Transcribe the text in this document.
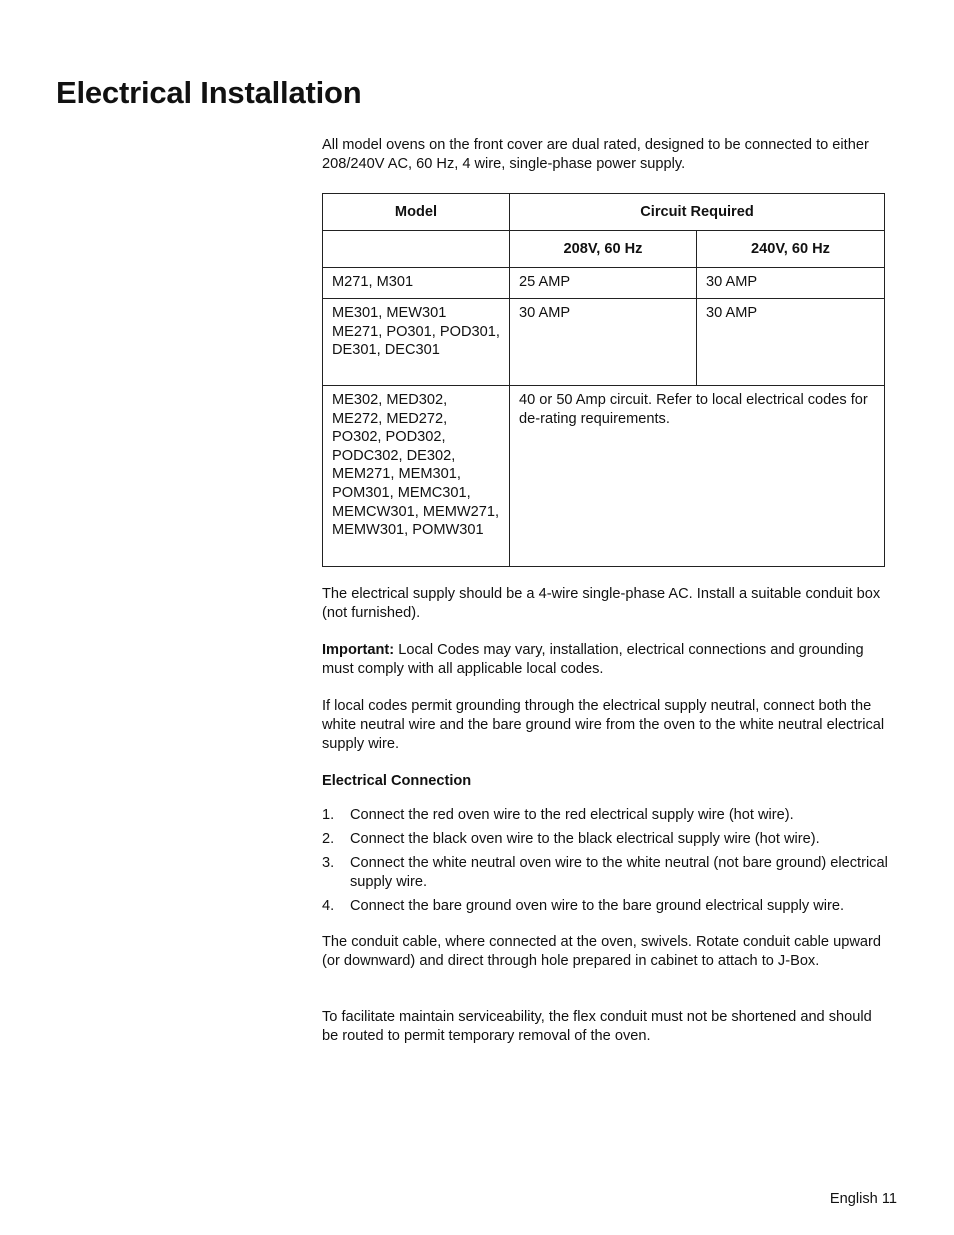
Electrical Installation

All model ovens on the front cover are dual rated, designed to be connected to either 208/240V AC, 60 Hz, 4 wire, single-phase power supply.

Model	Circuit Required	
	208V, 60 Hz	240V, 60 Hz
M271, M301	25 AMP	30 AMP
ME301, MEW301 ME271, PO301, POD301, DE301, DEC301	30 AMP	30 AMP
ME302, MED302, ME272, MED272, PO302, POD302, PODC302, DE302, MEM271, MEM301, POM301, MEMC301, MEMCW301, MEMW271, MEMW301, POMW301	40 or 50 Amp circuit. Refer to local electrical codes for de-rating requirements.	

The electrical supply should be a 4-wire single-phase AC. Install a suitable conduit box (not furnished).

Important: Local Codes may vary, installation, electrical connections and grounding must comply with all applicable local codes.

If local codes permit grounding through the electrical supply neutral, connect both the white neutral wire and the bare ground wire from the oven to the white neutral electrical supply wire.

Electrical Connection

1. Connect the red oven wire to the red electrical supply wire (hot wire).
2. Connect the black oven wire to the black electrical supply wire (hot wire).
3. Connect the white neutral oven wire to the white neutral (not bare ground) electrical supply wire.
4. Connect the bare ground oven wire to the bare ground electrical supply wire.

The conduit cable, where connected at the oven, swivels. Rotate conduit cable upward (or downward) and direct through hole prepared in cabinet to attach to J-Box.

To facilitate maintain serviceability, the flex conduit must not be shortened and should be routed to permit temporary removal of the oven.

English 11
